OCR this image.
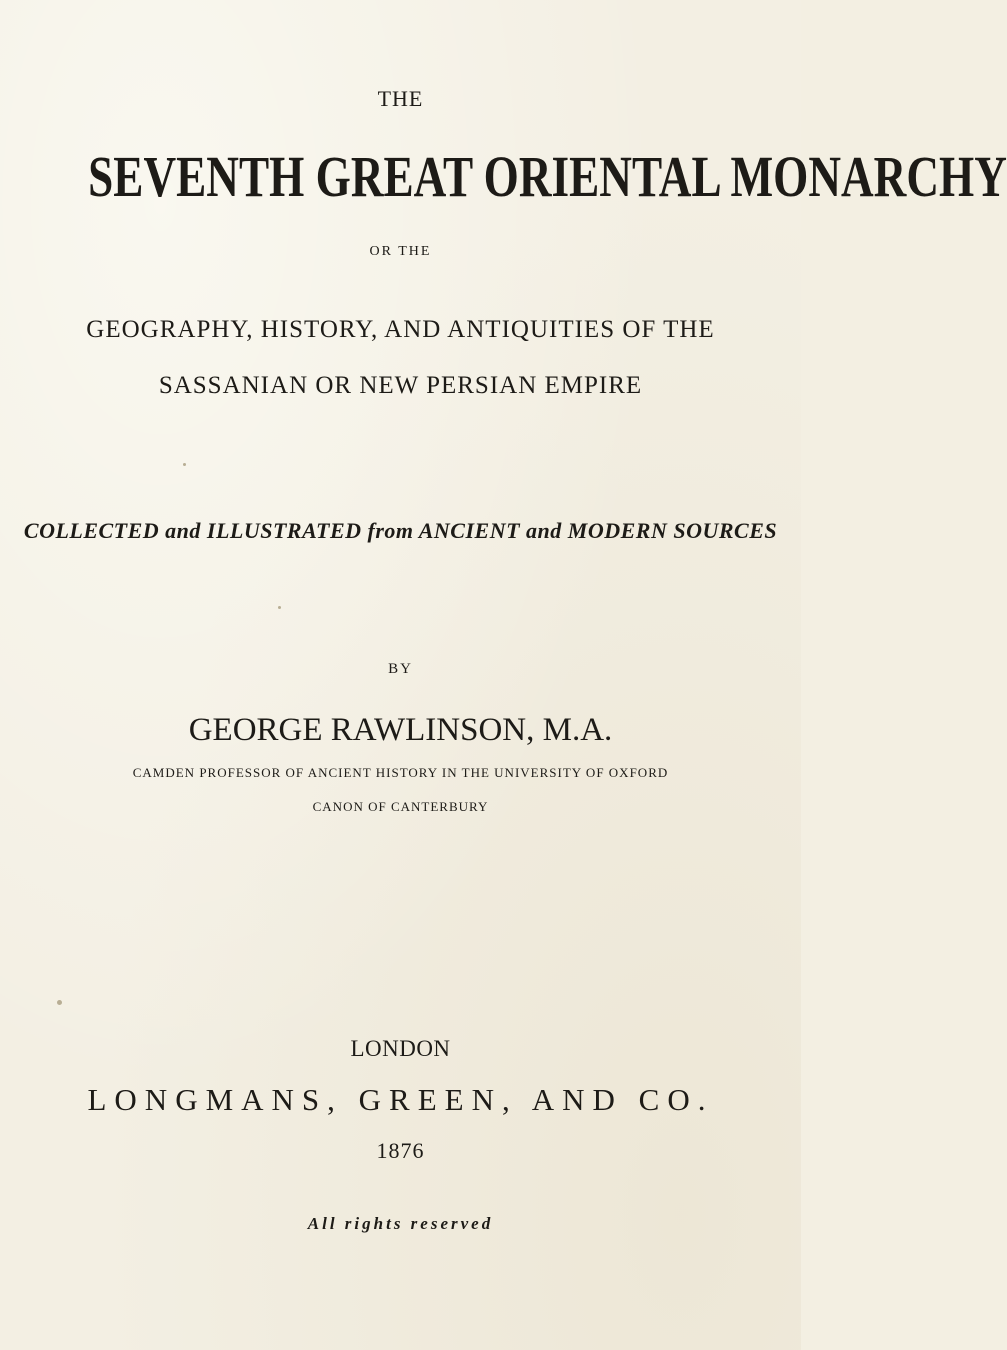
THE
SEVENTH GREAT ORIENTAL MONARCHY
OR THE
GEOGRAPHY, HISTORY, AND ANTIQUITIES OF THE
SASSANIAN OR NEW PERSIAN EMPIRE
COLLECTED and ILLUSTRATED from ANCIENT and MODERN SOURCES
BY
GEORGE RAWLINSON, M.A.
CAMDEN PROFESSOR OF ANCIENT HISTORY IN THE UNIVERSITY OF OXFORD
CANON OF CANTERBURY
LONDON
LONGMANS, GREEN, AND CO.
1876
All rights reserved
